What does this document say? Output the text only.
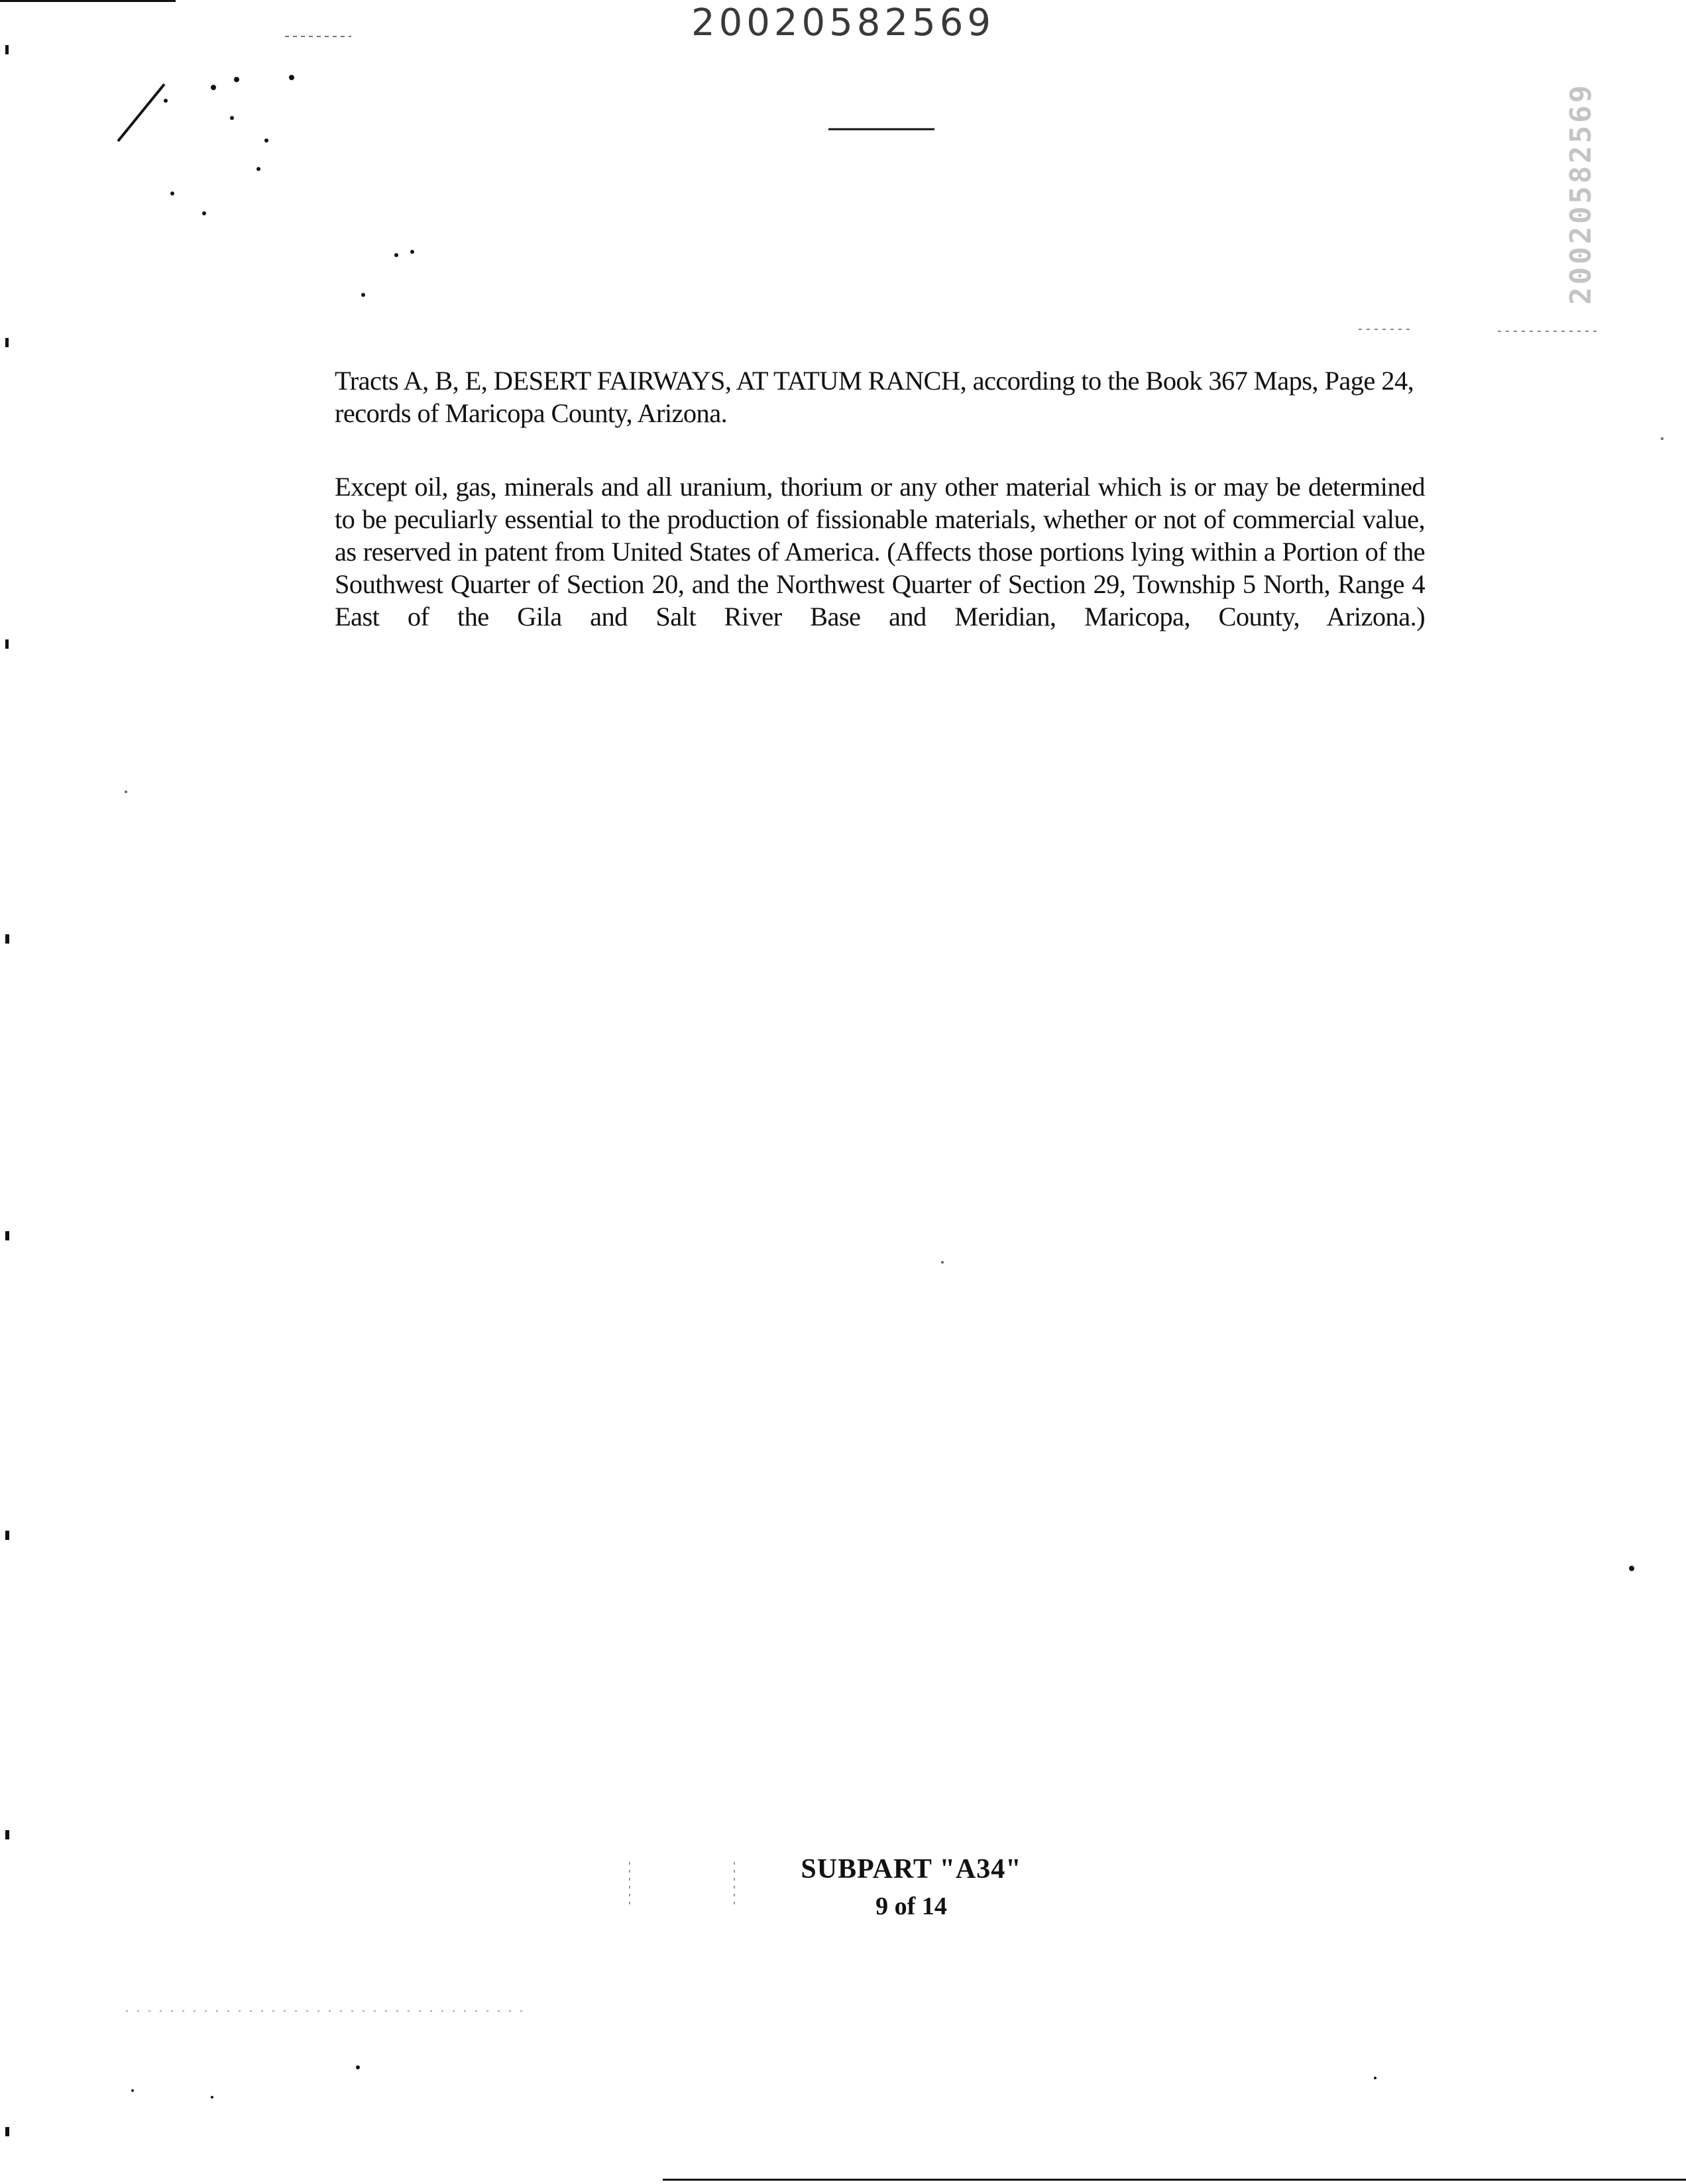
20020582569
20020582569
Tracts A, B, E, DESERT FAIRWAYS, AT TATUM RANCH, according to the Book 367 Maps, Page 24, records of Maricopa County, Arizona.
Except oil, gas, minerals and all uranium, thorium or any other material which is or may be determined to be peculiarly essential to the production of fissionable materials, whether or not of commercial value, as reserved in patent from United States of America. (Affects those portions lying within a Portion of the Southwest Quarter of Section 20, and the Northwest Quarter of Section 29, Township 5 North, Range 4 East of the Gila and Salt River Base and Meridian, Maricopa, County, Arizona.)
SUBPART "A34"
9 of 14
